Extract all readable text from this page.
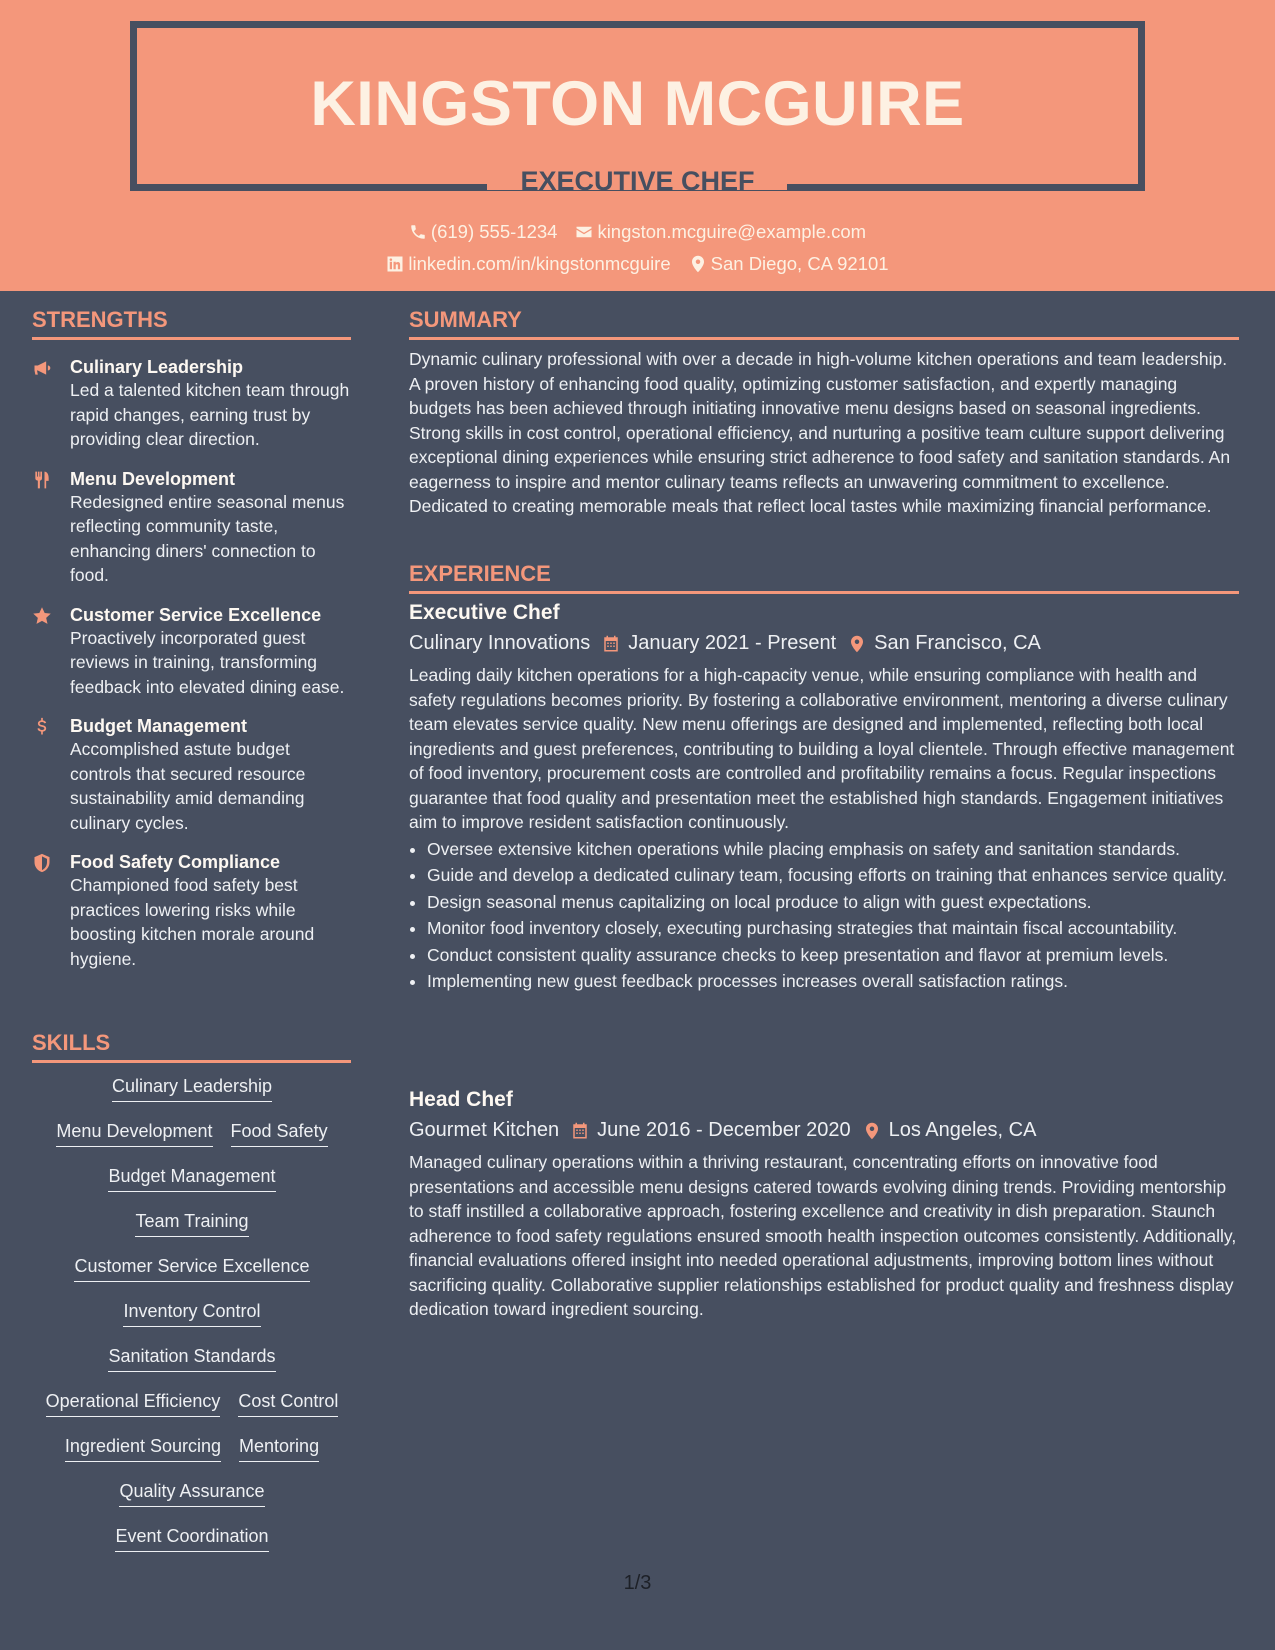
KINGSTON MCGUIRE
EXECUTIVE CHEF
(619) 555-1234 kingston.mcguire@example.com
linkedin.com/in/kingstonmcguire San Diego, CA 92101
STRENGTHS
Culinary Leadership
Led a talented kitchen team through rapid changes, earning trust by providing clear direction.
Menu Development
Redesigned entire seasonal menus reflecting community taste, enhancing diners' connection to food.
Customer Service Excellence
Proactively incorporated guest reviews in training, transforming feedback into elevated dining ease.
Budget Management
Accomplished astute budget controls that secured resource sustainability amid demanding culinary cycles.
Food Safety Compliance
Championed food safety best practices lowering risks while boosting kitchen morale around hygiene.
SKILLS
Culinary Leadership
Menu Development Food Safety
Budget Management
Team Training
Customer Service Excellence
Inventory Control
Sanitation Standards
Operational Efficiency Cost Control
Ingredient Sourcing Mentoring
Quality Assurance
Event Coordination
SUMMARY
Dynamic culinary professional with over a decade in high-volume kitchen operations and team leadership. A proven history of enhancing food quality, optimizing customer satisfaction, and expertly managing budgets has been achieved through initiating innovative menu designs based on seasonal ingredients. Strong skills in cost control, operational efficiency, and nurturing a positive team culture support delivering exceptional dining experiences while ensuring strict adherence to food safety and sanitation standards. An eagerness to inspire and mentor culinary teams reflects an unwavering commitment to excellence. Dedicated to creating memorable meals that reflect local tastes while maximizing financial performance.
EXPERIENCE
Executive Chef
Culinary Innovations January 2021 - Present San Francisco, CA
Leading daily kitchen operations for a high-capacity venue, while ensuring compliance with health and safety regulations becomes priority. By fostering a collaborative environment, mentoring a diverse culinary team elevates service quality. New menu offerings are designed and implemented, reflecting both local ingredients and guest preferences, contributing to building a loyal clientele. Through effective management of food inventory, procurement costs are controlled and profitability remains a focus. Regular inspections guarantee that food quality and presentation meet the established high standards. Engagement initiatives aim to improve resident satisfaction continuously.
• Oversee extensive kitchen operations while placing emphasis on safety and sanitation standards.
• Guide and develop a dedicated culinary team, focusing efforts on training that enhances service quality.
• Design seasonal menus capitalizing on local produce to align with guest expectations.
• Monitor food inventory closely, executing purchasing strategies that maintain fiscal accountability.
• Conduct consistent quality assurance checks to keep presentation and flavor at premium levels.
• Implementing new guest feedback processes increases overall satisfaction ratings.
Head Chef
Gourmet Kitchen June 2016 - December 2020 Los Angeles, CA
Managed culinary operations within a thriving restaurant, concentrating efforts on innovative food presentations and accessible menu designs catered towards evolving dining trends. Providing mentorship to staff instilled a collaborative approach, fostering excellence and creativity in dish preparation. Staunch adherence to food safety regulations ensured smooth health inspection outcomes consistently. Additionally, financial evaluations offered insight into needed operational adjustments, improving bottom lines without sacrificing quality. Collaborative supplier relationships established for product quality and freshness display dedication toward ingredient sourcing.
1/3
